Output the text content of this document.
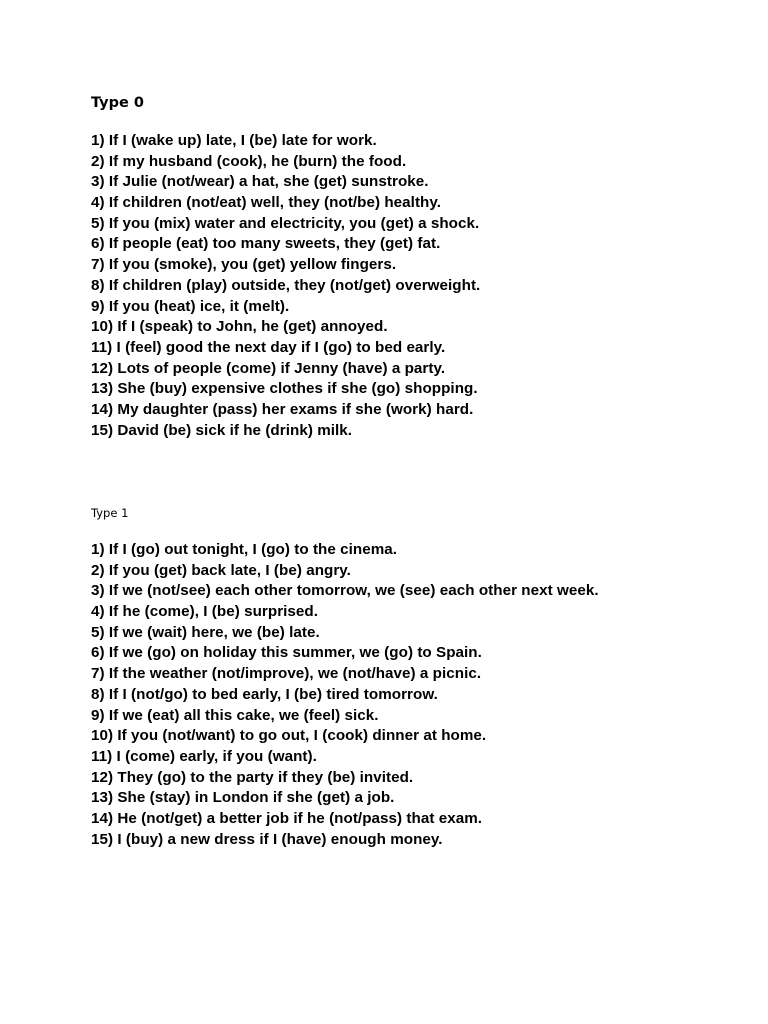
Type 0
1) If I (wake up) late, I (be) late for work.
2) If my husband (cook), he (burn) the food.
3) If Julie (not/wear) a hat, she (get) sunstroke.
4) If children (not/eat) well, they (not/be) healthy.
5) If you (mix) water and electricity, you (get) a shock.
6) If people (eat) too many sweets, they (get) fat.
7) If you (smoke), you (get) yellow fingers.
8) If children (play) outside, they (not/get) overweight.
9) If you (heat) ice, it (melt).
10) If I (speak) to John, he (get) annoyed.
11) I (feel) good the next day if I (go) to bed early.
12) Lots of people (come) if Jenny (have) a party.
13) She (buy) expensive clothes if she (go) shopping.
14) My daughter (pass) her exams if she (work) hard.
15) David (be) sick if he (drink) milk.
Type 1
1) If I (go) out tonight, I (go) to the cinema.
2) If you (get) back late, I (be) angry.
3) If we (not/see) each other tomorrow, we (see) each other next week.
4) If he (come), I (be) surprised.
5) If we (wait) here, we (be) late.
6) If we (go) on holiday this summer, we (go) to Spain.
7) If the weather (not/improve), we (not/have) a picnic.
8) If I (not/go) to bed early, I (be) tired tomorrow.
9) If we (eat) all this cake, we (feel) sick.
10) If you (not/want) to go out, I (cook) dinner at home.
11) I (come) early, if you (want).
12) They (go) to the party if they (be) invited.
13) She (stay) in London if she (get) a job.
14) He (not/get) a better job if he (not/pass) that exam.
15) I (buy) a new dress if I (have) enough money.
